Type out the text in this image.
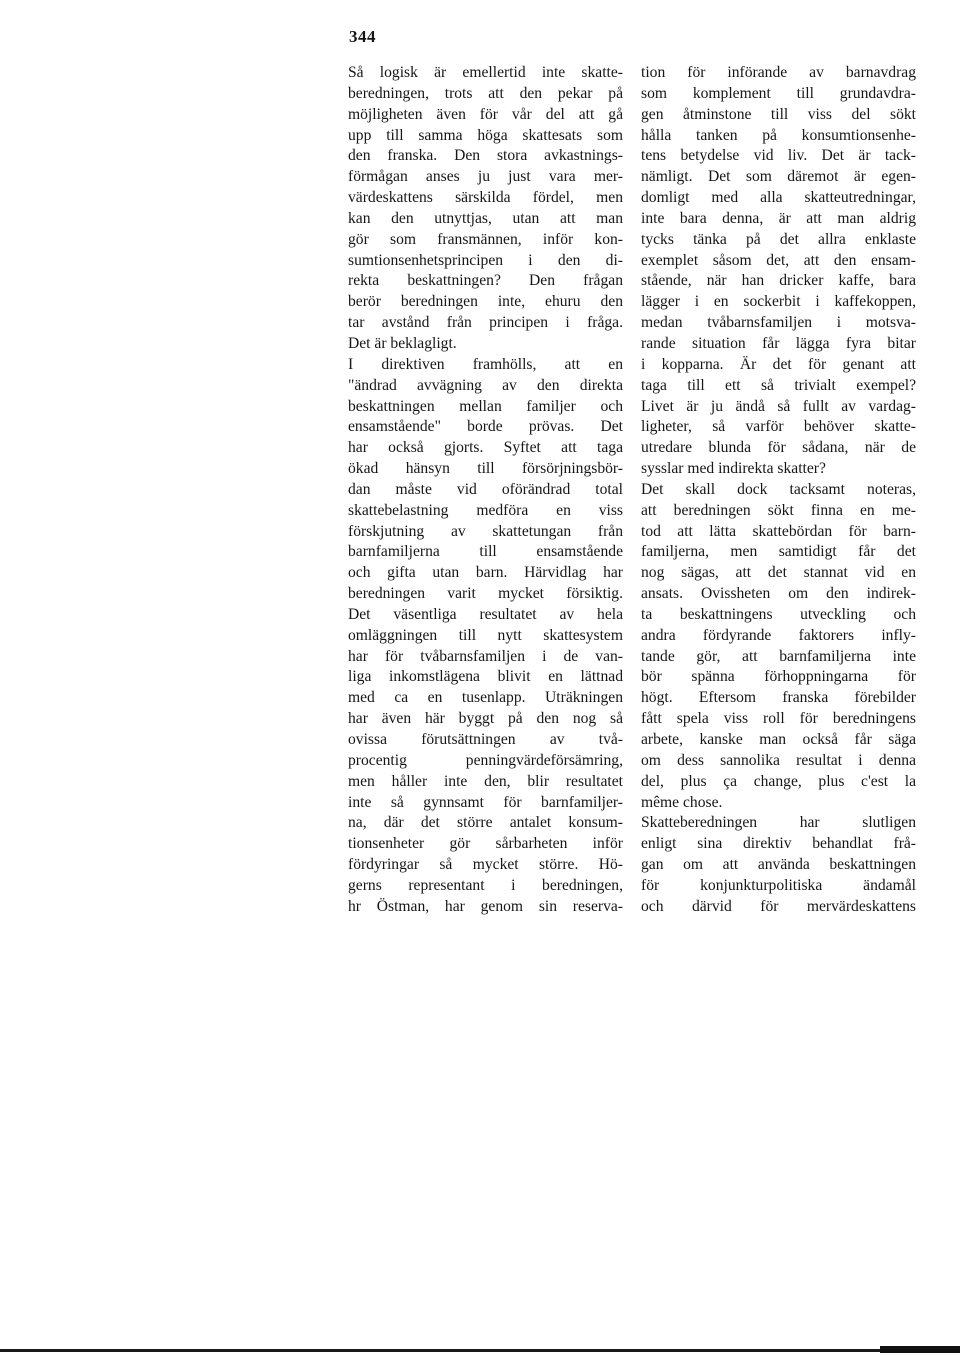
344
Så logisk är emellertid inte skatte-
beredningen, trots att den pekar på
möjligheten även för vår del att gå
upp till samma höga skattesats som
den franska. Den stora avkastnings-
förmågan anses ju just vara mer-
värdeskattens särskilda fördel, men
kan den utnyttjas, utan att man
gör som fransmännen, inför kon-
sumtionsenhetsprincipen i den di-
rekta beskattningen? Den frågan
berör beredningen inte, ehuru den
tar avstånd från principen i fråga.
Det är beklagligt.
I direktiven framhölls, att en
"ändrad avvägning av den direkta
beskattningen mellan familjer och
ensamstående" borde prövas. Det
har också gjorts. Syftet att taga
ökad hänsyn till försörjningsbör-
dan måste vid oförändrad total
skattebelastning medföra en viss
förskjutning av skattetungan från
barnfamiljerna till ensamstående
och gifta utan barn. Härvidlag har
beredningen varit mycket försiktig.
Det väsentliga resultatet av hela
omläggningen till nytt skattesystem
har för tvåbarnsfamiljen i de van-
liga inkomstlägena blivit en lättnad
med ca en tusenlapp. Uträkningen
har även här byggt på den nog så
ovissa förutsättningen av två-
procentig penningvärdeförsämring,
men håller inte den, blir resultatet
inte så gynnsamt för barnfamiljer-
na, där det större antalet konsum-
tionsenheter gör sårbarheten inför
fördyringar så mycket större. Hö-
gerns representant i beredningen,
hr Östman, har genom sin reserva-
tion för införande av barnavdrag
som komplement till grundavdra-
gen åtminstone till viss del sökt
hålla tanken på konsumtionsenhe-
tens betydelse vid liv. Det är tack-
nämligt. Det som däremot är egen-
domligt med alla skatteutredningar,
inte bara denna, är att man aldrig
tycks tänka på det allra enklaste
exemplet såsom det, att den ensam-
stående, när han dricker kaffe, bara
lägger i en sockerbit i kaffekoppen,
medan tvåbarnsfamiljen i motsva-
rande situation får lägga fyra bitar
i kopparna. Är det för genant att
taga till ett så trivialt exempel?
Livet är ju ändå så fullt av vardag-
ligheter, så varför behöver skatte-
utredare blunda för sådana, när de
sysslar med indirekta skatter?
Det skall dock tacksamt noteras,
att beredningen sökt finna en me-
tod att lätta skattebördan för barn-
familjerna, men samtidigt får det
nog sägas, att det stannat vid en
ansats. Ovissheten om den indirek-
ta beskattningens utveckling och
andra fördyrande faktorers infly-
tande gör, att barnfamiljerna inte
bör spänna förhoppningarna för
högt. Eftersom franska förebilder
fått spela viss roll för beredningens
arbete, kanske man också får säga
om dess sannolika resultat i denna
del, plus ça change, plus c'est la
même chose.
Skatteberedningen har slutligen
enligt sina direktiv behandlat frå-
gan om att använda beskattningen
för konjunkturpolitiska ändamål
och därvid för mervärdeskattens
